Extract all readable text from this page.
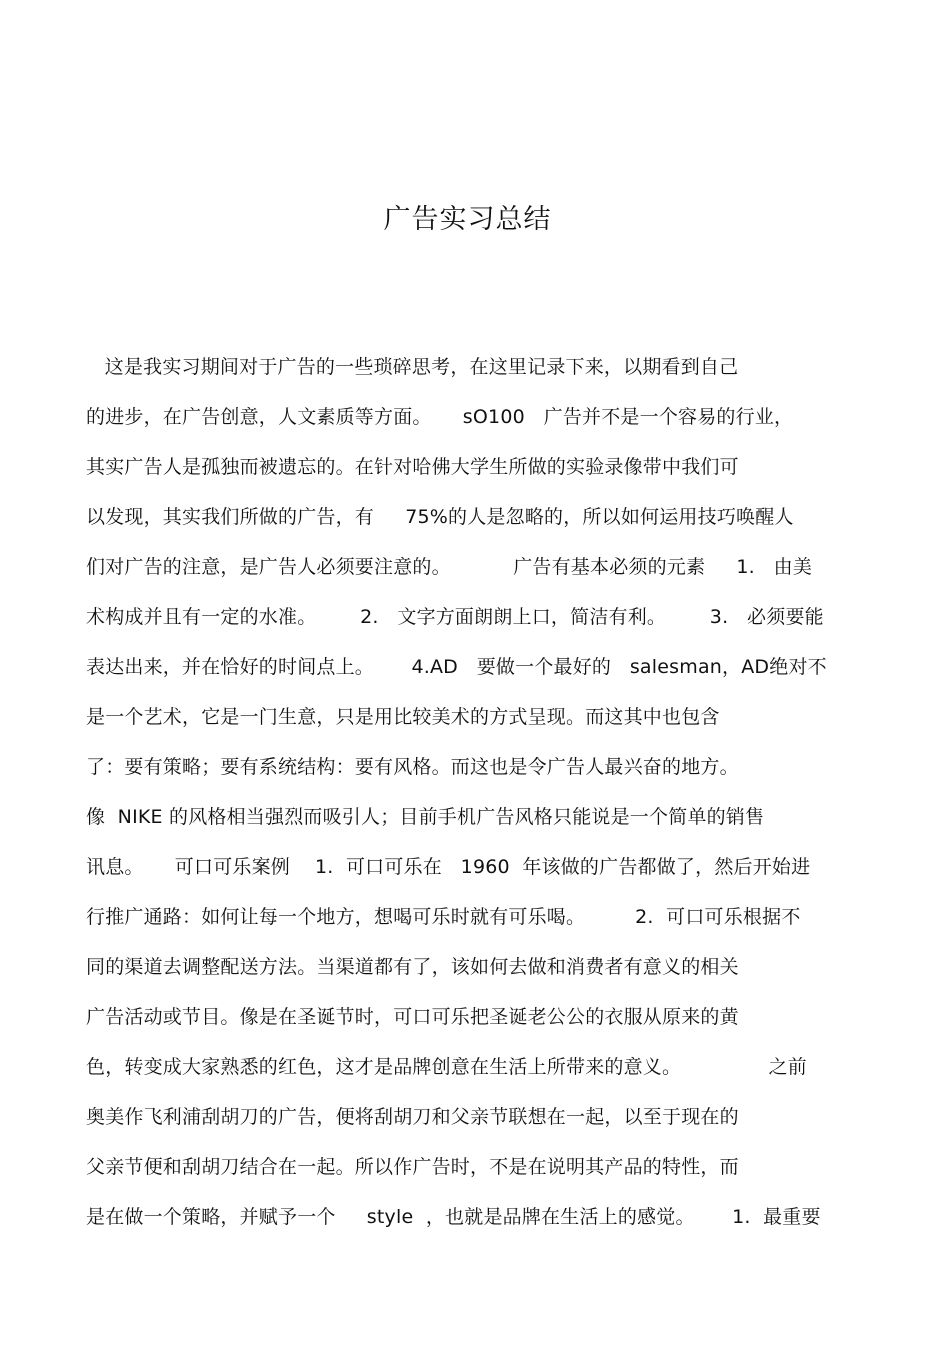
广告实习总结
这是我实习期间对于广告的一些琐碎思考，在这里记录下来，以期看到自己
的进步，在广告创意，人文素质等方面。     sO100   广告并不是一个容易的行业，
其实广告人是孤独而被遗忘的。在针对哈佛大学生所做的实验录像带中我们可
以发现，其实我们所做的广告，有     75%的人是忽略的，所以如何运用技巧唤醒人
们对广告的注意，是广告人必须要注意的。          广告有基本必须的元素     1.   由美
术构成并且有一定的水准。       2.   文字方面朗朗上口，简洁有利。       3.   必须要能
表达出来，并在恰好的时间点上。      4.AD   要做一个最好的   salesman，AD绝对不
是一个艺术，它是一门生意，只是用比较美术的方式呈现。而这其中也包含
了：要有策略；要有系统结构：要有风格。而这也是令广告人最兴奋的地方。
像  NIKE 的风格相当强烈而吸引人；目前手机广告风格只能说是一个简单的销售
讯息。     可口可乐案例    1.  可口可乐在   1960  年该做的广告都做了，然后开始进
行推广通路：如何让每一个地方，想喝可乐时就有可乐喝。        2.  可口可乐根据不
同的渠道去调整配送方法。当渠道都有了，该如何去做和消费者有意义的相关
广告活动或节目。像是在圣诞节时，可口可乐把圣诞老公公的衣服从原来的黄
色，转变成大家熟悉的红色，这才是品牌创意在生活上所带来的意义。              之前
奥美作飞利浦刮胡刀的广告，便将刮胡刀和父亲节联想在一起，以至于现在的
父亲节便和刮胡刀结合在一起。所以作广告时，不是在说明其产品的特性，而
是在做一个策略，并赋予一个     style  ，也就是品牌在生活上的感觉。      1.  最重要
